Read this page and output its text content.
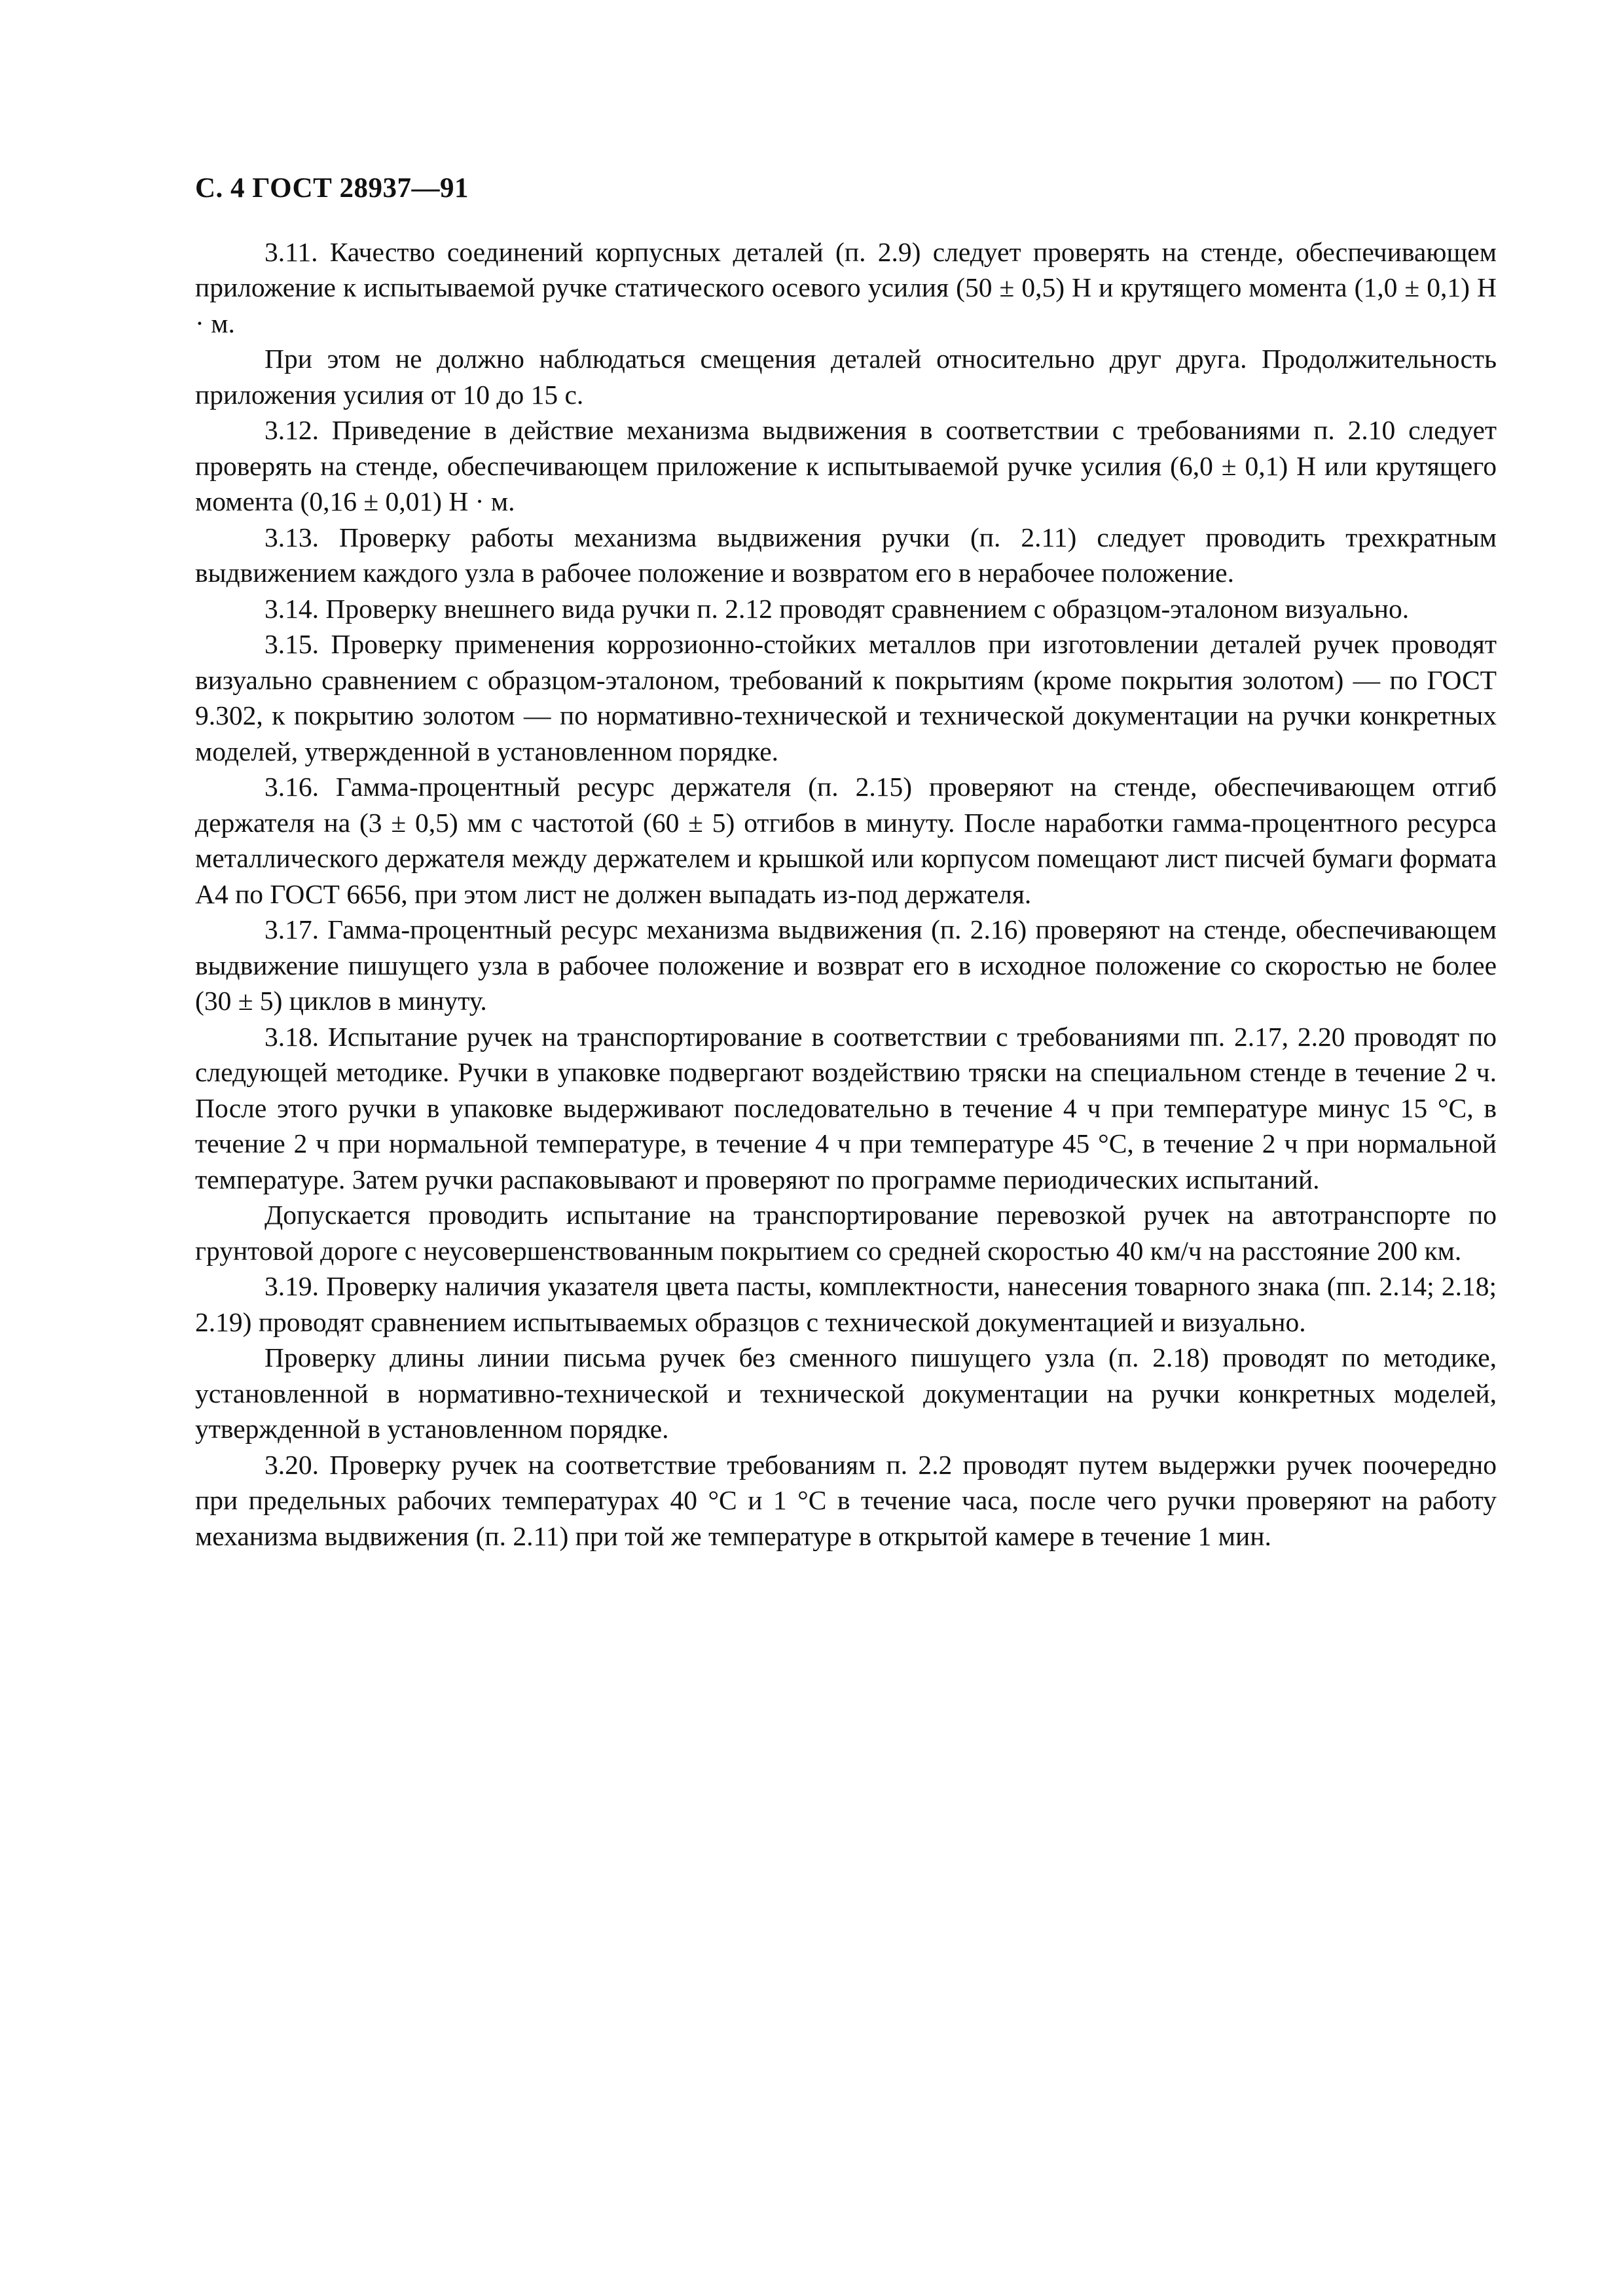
С. 4 ГОСТ 28937—91

3.11. Качество соединений корпусных деталей (п. 2.9) следует проверять на стенде, обеспечивающем приложение к испытываемой ручке статического осевого усилия (50 ± 0,5) Н и крутящего момента (1,0 ± 0,1) Н · м.

При этом не должно наблюдаться смещения деталей относительно друг друга. Продолжительность приложения усилия от 10 до 15 с.

3.12. Приведение в действие механизма выдвижения в соответствии с требованиями п. 2.10 следует проверять на стенде, обеспечивающем приложение к испытываемой ручке усилия (6,0 ± 0,1) Н или крутящего момента (0,16 ± 0,01) Н · м.

3.13. Проверку работы механизма выдвижения ручки (п. 2.11) следует проводить трехкратным выдвижением каждого узла в рабочее положение и возвратом его в нерабочее положение.

3.14. Проверку внешнего вида ручки п. 2.12 проводят сравнением с образцом-эталоном визуально.

3.15. Проверку применения коррозионно-стойких металлов при изготовлении деталей ручек проводят визуально сравнением с образцом-эталоном, требований к покрытиям (кроме покрытия золотом) — по ГОСТ 9.302, к покрытию золотом — по нормативно-технической и технической документации на ручки конкретных моделей, утвержденной в установленном порядке.

3.16. Гамма-процентный ресурс держателя (п. 2.15) проверяют на стенде, обеспечивающем отгиб держателя на (3 ± 0,5) мм с частотой (60 ± 5) отгибов в минуту. После наработки гамма-процентного ресурса металлического держателя между держателем и крышкой или корпусом помещают лист писчей бумаги формата А4 по ГОСТ 6656, при этом лист не должен выпадать из-под держателя.

3.17. Гамма-процентный ресурс механизма выдвижения (п. 2.16) проверяют на стенде, обеспечивающем выдвижение пишущего узла в рабочее положение и возврат его в исходное положение со скоростью не более (30 ± 5) циклов в минуту.

3.18. Испытание ручек на транспортирование в соответствии с требованиями пп. 2.17, 2.20 проводят по следующей методике. Ручки в упаковке подвергают воздействию тряски на специальном стенде в течение 2 ч. После этого ручки в упаковке выдерживают последовательно в течение 4 ч при температуре минус 15 °С, в течение 2 ч при нормальной температуре, в течение 4 ч при температуре 45 °С, в течение 2 ч при нормальной температуре. Затем ручки распаковывают и проверяют по программе периодических испытаний.

Допускается проводить испытание на транспортирование перевозкой ручек на автотранспорте по грунтовой дороге с неусовершенствованным покрытием со средней скоростью 40 км/ч на расстояние 200 км.

3.19. Проверку наличия указателя цвета пасты, комплектности, нанесения товарного знака (пп. 2.14; 2.18; 2.19) проводят сравнением испытываемых образцов с технической документацией и визуально.

Проверку длины линии письма ручек без сменного пишущего узла (п. 2.18) проводят по методике, установленной в нормативно-технической и технической документации на ручки конкретных моделей, утвержденной в установленном порядке.

3.20. Проверку ручек на соответствие требованиям п. 2.2 проводят путем выдержки ручек поочередно при предельных рабочих температурах 40 °С и 1 °С в течение часа, после чего ручки проверяют на работу механизма выдвижения (п. 2.11) при той же температуре в открытой камере в течение 1 мин.
